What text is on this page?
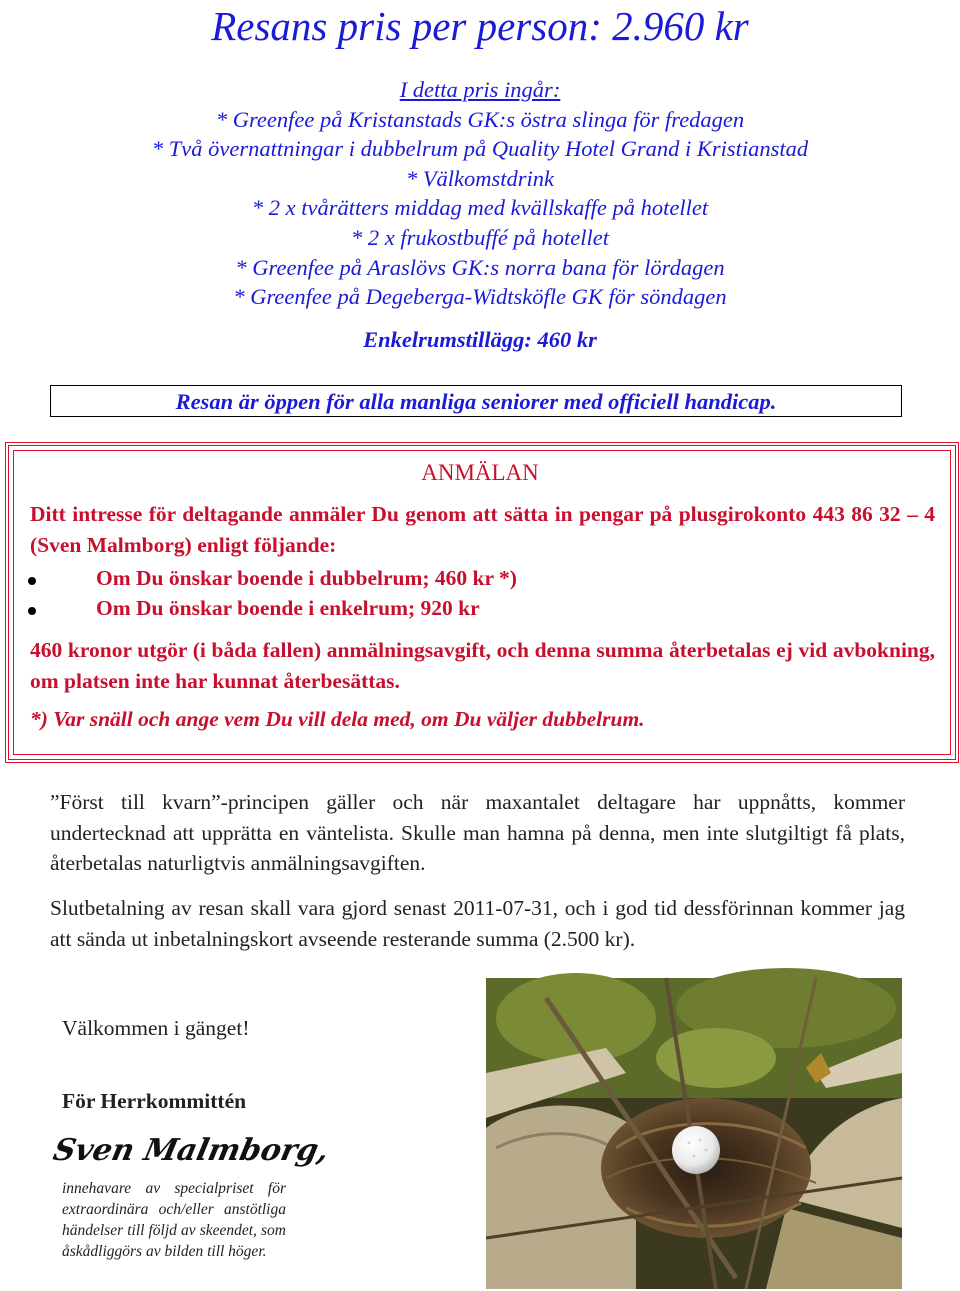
Resans pris per person: 2.960 kr
I detta pris ingår:
* Greenfee på Kristanstads GK:s östra slinga för fredagen
* Två övernattningar i dubbelrum på Quality Hotel Grand i Kristianstad
* Välkomstdrink
* 2 x tvårätters middag med kvällskaffe på hotellet
* 2 x frukostbuffé på hotellet
* Greenfee på Araslövs GK:s norra bana för lördagen
* Greenfee på Degeberga-Widtsköfle GK för söndagen
Enkelrumstillägg: 460 kr
Resan är öppen för alla manliga seniorer med officiell handicap.
ANMÄLAN
Ditt intresse för deltagande anmäler Du genom att sätta in pengar på plusgirokonto 443 86 32 – 4 (Sven Malmborg) enligt följande:
Om Du önskar boende i dubbelrum; 460 kr *)
Om Du önskar boende i enkelrum; 920 kr
460 kronor utgör (i båda fallen) anmälningsavgift, och denna summa återbetalas ej vid avbokning, om platsen inte har kunnat återbesättas.
*) Var snäll och ange vem Du vill dela med, om Du väljer dubbelrum.
”Först till kvarn”-principen gäller och när maxantalet deltagare har uppnåtts, kommer undertecknad att upprätta en väntelista. Skulle man hamna på denna, men inte slutgiltigt få plats, återbetalas naturligtvis anmälningsavgiften.
Slutbetalning av resan skall vara gjord senast 2011-07-31, och i god tid dessförinnan kommer jag att sända ut inbetalningskort avseende resterande summa (2.500 kr).
Välkommen i gänget!
För Herrkommittén
Sven Malmborg,
innehavare av specialpriset för extraordinära och/eller anstötliga händelser till följd av skeendet, som åskådliggörs av bilden till höger.
